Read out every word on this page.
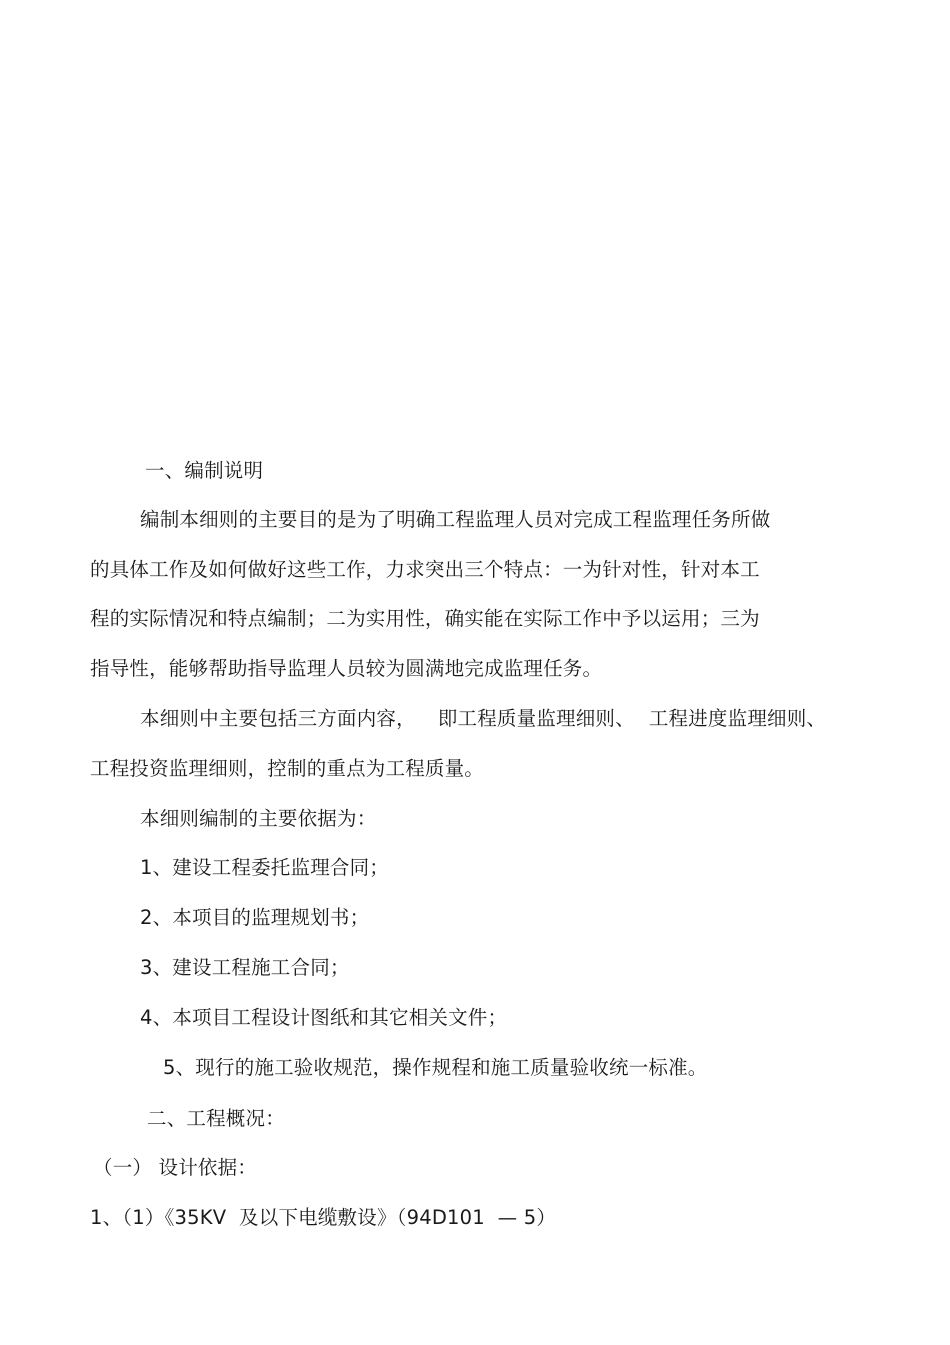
一、编制说明
编制本细则的主要目的是为了明确工程监理人员对完成工程监理任务所做
的具体工作及如何做好这些工作，力求突出三个特点：一为针对性，针对本工
程的实际情况和特点编制；二为实用性，确实能在实际工作中予以运用；三为
指导性，能够帮助指导监理人员较为圆满地完成监理任务。
本细则中主要包括三方面内容， 即工程质量监理细则、 工程进度监理细则、
工程投资监理细则，控制的重点为工程质量。
本细则编制的主要依据为：
1、建设工程委托监理合同；
2、本项目的监理规划书；
3、建设工程施工合同；
4、本项目工程设计图纸和其它相关文件；
5、现行的施工验收规范，操作规程和施工质量验收统一标准。
二、工程概况：
（一） 设计依据：
1、（1）《35KV  及以下电缆敷设》（94D101  — 5）
